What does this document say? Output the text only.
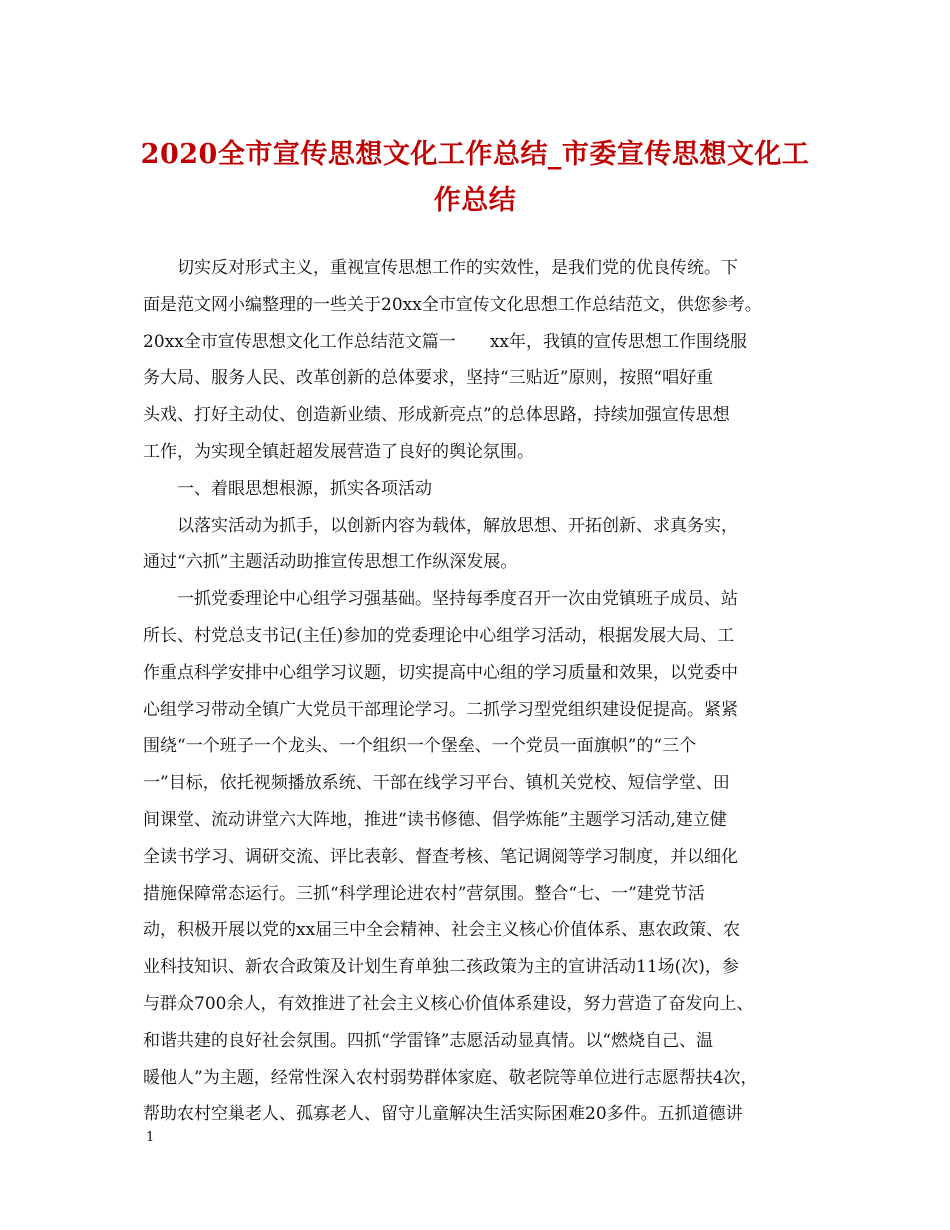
2020全市宣传思想文化工作总结_市委宣传思想文化工
作总结
切实反对形式主义，重视宣传思想工作的实效性，是我们党的优良传统。下
面是范文网小编整理的一些关于20xx全市宣传文化思想工作总结范文，供您参考。
20xx全市宣传思想文化工作总结范文篇一 xx年，我镇的宣传思想工作围绕服
务大局、服务人民、改革创新的总体要求，坚持“三贴近”原则，按照“唱好重
头戏、打好主动仗、创造新业绩、形成新亮点”的总体思路，持续加强宣传思想
工作，为实现全镇赶超发展营造了良好的舆论氛围。
一、着眼思想根源，抓实各项活动
以落实活动为抓手，以创新内容为载体，解放思想、开拓创新、求真务实，
通过“六抓”主题活动助推宣传思想工作纵深发展。
一抓党委理论中心组学习强基础。坚持每季度召开一次由党镇班子成员、站
所长、村党总支书记(主任)参加的党委理论中心组学习活动，根据发展大局、工
作重点科学安排中心组学习议题，切实提高中心组的学习质量和效果，以党委中
心组学习带动全镇广大党员干部理论学习。二抓学习型党组织建设促提高。紧紧
围绕“一个班子一个龙头、一个组织一个堡垒、一个党员一面旗帜”的“三个
一”目标，依托视频播放系统、干部在线学习平台、镇机关党校、短信学堂、田
间课堂、流动讲堂六大阵地，推进“读书修德、倡学炼能”主题学习活动,建立健
全读书学习、调研交流、评比表彰、督查考核、笔记调阅等学习制度，并以细化
措施保障常态运行。三抓“科学理论进农村”营氛围。整合“七、一”建党节活
动，积极开展以党的xx届三中全会精神、社会主义核心价值体系、惠农政策、农
业科技知识、新农合政策及计划生育单独二孩政策为主的宣讲活动11场(次)，参
与群众700余人，有效推进了社会主义核心价值体系建设，努力营造了奋发向上、
和谐共建的良好社会氛围。四抓“学雷锋”志愿活动显真情。以“燃烧自己、温
暖他人”为主题，经常性深入农村弱势群体家庭、敬老院等单位进行志愿帮扶4次，
帮助农村空巢老人、孤寡老人、留守儿童解决生活实际困难20多件。五抓道德讲
1
